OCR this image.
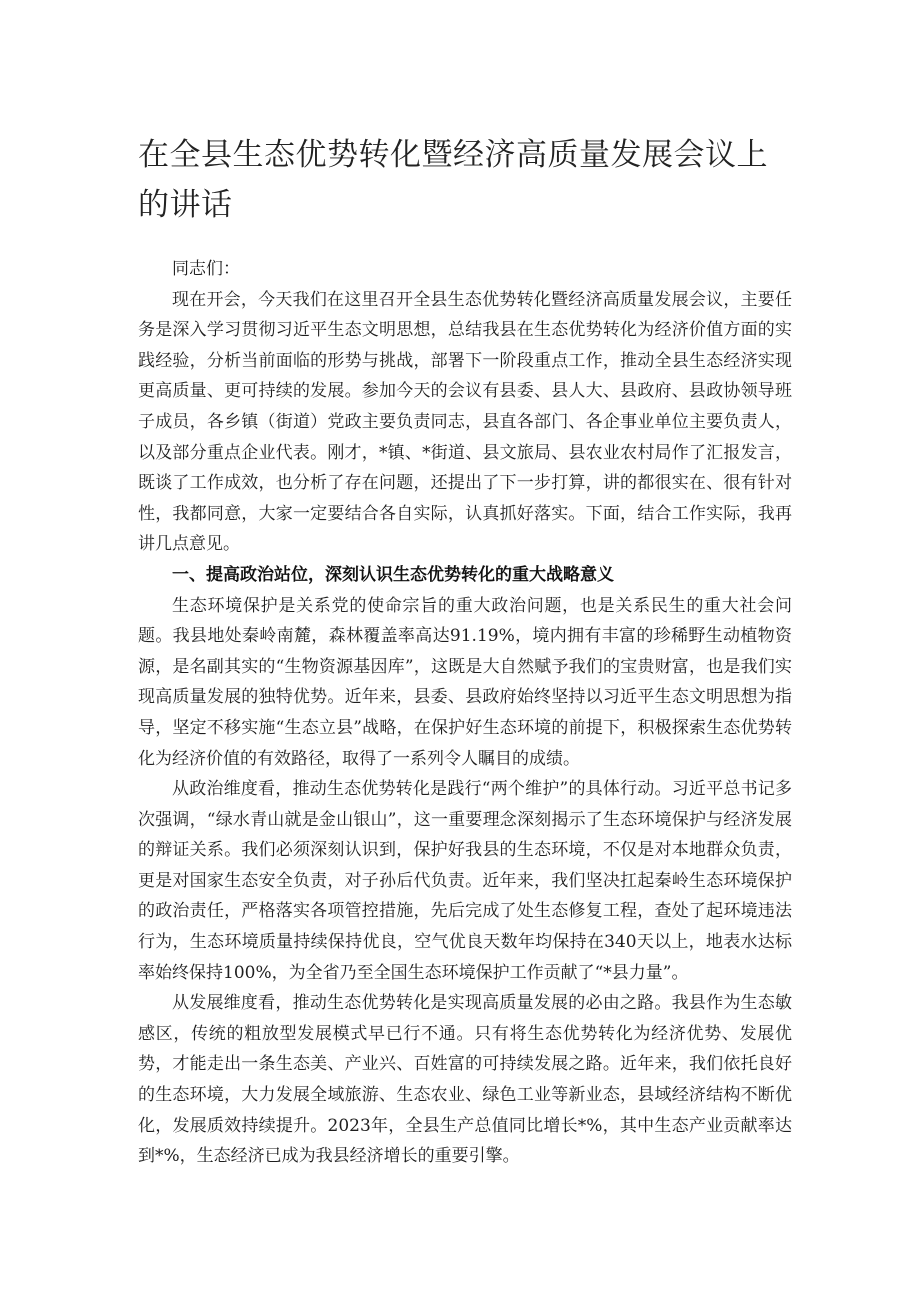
在全县生态优势转化暨经济高质量发展会议上的讲话

同志们：

现在开会，今天我们在这里召开全县生态优势转化暨经济高质量发展会议，主要任务是深入学习贯彻习近平生态文明思想，总结我县在生态优势转化为经济价值方面的实践经验，分析当前面临的形势与挑战，部署下一阶段重点工作，推动全县生态经济实现更高质量、更可持续的发展。参加今天的会议有县委、县人大、县政府、县政协领导班子成员，各乡镇（街道）党政主要负责同志，县直各部门、各企事业单位主要负责人，以及部分重点企业代表。刚才，*镇、*街道、县文旅局、县农业农村局作了汇报发言，既谈了工作成效，也分析了存在问题，还提出了下一步打算，讲的都很实在、很有针对性，我都同意，大家一定要结合各自实际，认真抓好落实。下面，结合工作实际，我再讲几点意见。

一、提高政治站位，深刻认识生态优势转化的重大战略意义

生态环境保护是关系党的使命宗旨的重大政治问题，也是关系民生的重大社会问题。我县地处秦岭南麓，森林覆盖率高达91.19%，境内拥有丰富的珍稀野生动植物资源，是名副其实的“生物资源基因库”，这既是大自然赋予我们的宝贵财富，也是我们实现高质量发展的独特优势。近年来，县委、县政府始终坚持以习近平生态文明思想为指导，坚定不移实施“生态立县”战略，在保护好生态环境的前提下，积极探索生态优势转化为经济价值的有效路径，取得了一系列令人瞩目的成绩。

从政治维度看，推动生态优势转化是践行“两个维护”的具体行动。习近平总书记多次强调，“绿水青山就是金山银山”，这一重要理念深刻揭示了生态环境保护与经济发展的辩证关系。我们必须深刻认识到，保护好我县的生态环境，不仅是对本地群众负责，更是对国家生态安全负责，对子孙后代负责。近年来，我们坚决扛起秦岭生态环境保护的政治责任，严格落实各项管控措施，先后完成了处生态修复工程，查处了起环境违法行为，生态环境质量持续保持优良，空气优良天数年均保持在340天以上，地表水达标率始终保持100%，为全省乃至全国生态环境保护工作贡献了“*县力量”。

从发展维度看，推动生态优势转化是实现高质量发展的必由之路。我县作为生态敏感区，传统的粗放型发展模式早已行不通。只有将生态优势转化为经济优势、发展优势，才能走出一条生态美、产业兴、百姓富的可持续发展之路。近年来，我们依托良好的生态环境，大力发展全域旅游、生态农业、绿色工业等新业态，县域经济结构不断优化，发展质效持续提升。2023年，全县生产总值同比增长*%，其中生态产业贡献率达到*%，生态经济已成为我县经济增长的重要引擎。
